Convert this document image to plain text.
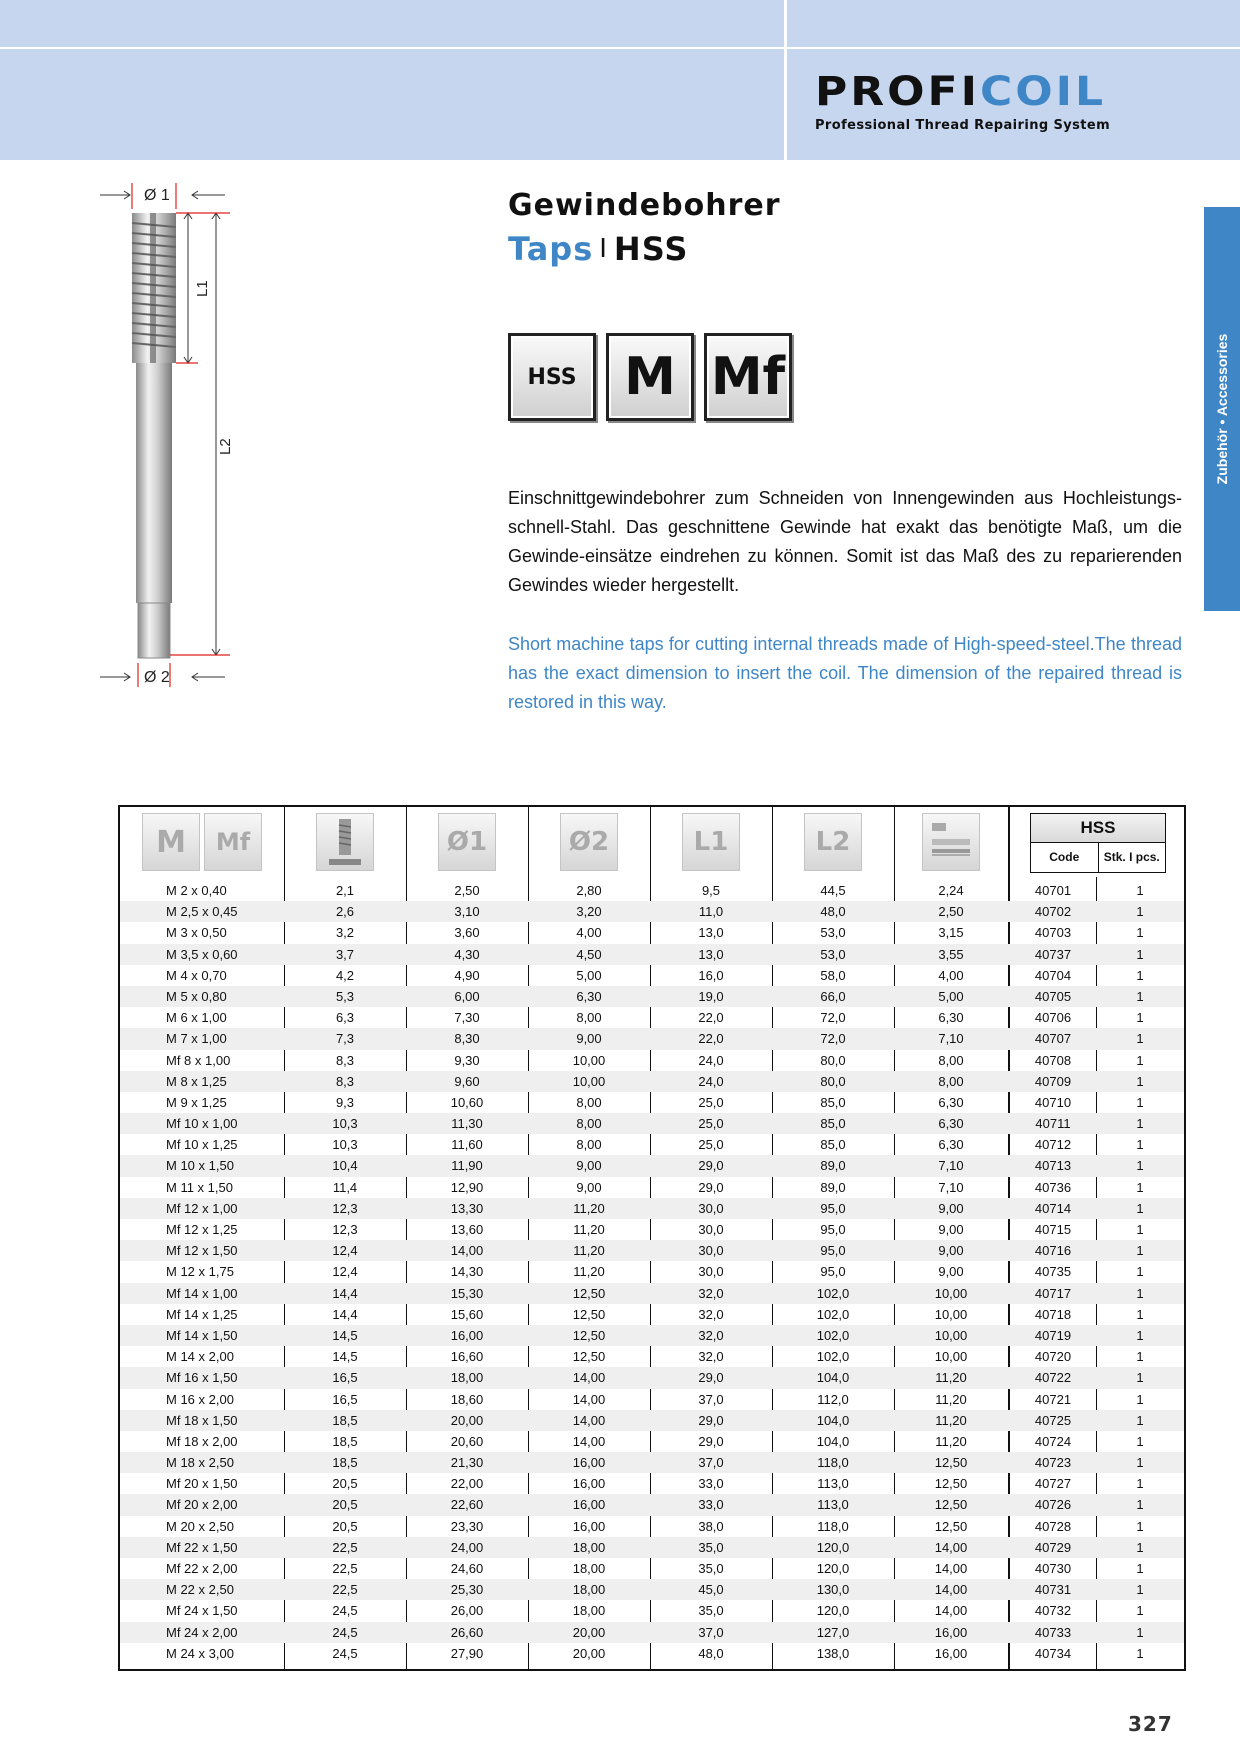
PROFICOIL
Professional Thread Repairing System
Zubehör • Accessories
Ø 1
Ø 2
L1
L2
Gewindebohrer
Taps I HSS
HSS M Mf
Einschnittgewindebohrer zum Schneiden von Innengewinden aus Hochleistungs-schnell-Stahl. Das geschnittene Gewinde hat exakt das benötigte Maß, um die Gewinde-einsätze eindrehen zu können. Somit ist das Maß des zu reparierenden Gewindes wieder hergestellt.
Short machine taps for cutting internal threads made of High-speed-steel.The thread has the exact dimension to insert the coil. The dimension of the repaired thread is restored in this way.
M	Mf	Ø1	Ø2	L1	L2	HSS
Code	Stk. I pcs.
M 2 x 0,40	2,1	2,50	2,80	9,5	44,5	2,24	40701	1
M 2,5 x 0,45	2,6	3,10	3,20	11,0	48,0	2,50	40702	1
M 3 x 0,50	3,2	3,60	4,00	13,0	53,0	3,15	40703	1
M 3,5 x 0,60	3,7	4,30	4,50	13,0	53,0	3,55	40737	1
M 4 x 0,70	4,2	4,90	5,00	16,0	58,0	4,00	40704	1
M 5 x 0,80	5,3	6,00	6,30	19,0	66,0	5,00	40705	1
M 6 x 1,00	6,3	7,30	8,00	22,0	72,0	6,30	40706	1
M 7 x 1,00	7,3	8,30	9,00	22,0	72,0	7,10	40707	1
Mf 8 x 1,00	8,3	9,30	10,00	24,0	80,0	8,00	40708	1
M 8 x 1,25	8,3	9,60	10,00	24,0	80,0	8,00	40709	1
M 9 x 1,25	9,3	10,60	8,00	25,0	85,0	6,30	40710	1
Mf 10 x 1,00	10,3	11,30	8,00	25,0	85,0	6,30	40711	1
Mf 10 x 1,25	10,3	11,60	8,00	25,0	85,0	6,30	40712	1
M 10 x 1,50	10,4	11,90	9,00	29,0	89,0	7,10	40713	1
M 11 x 1,50	11,4	12,90	9,00	29,0	89,0	7,10	40736	1
Mf 12 x 1,00	12,3	13,30	11,20	30,0	95,0	9,00	40714	1
Mf 12 x 1,25	12,3	13,60	11,20	30,0	95,0	9,00	40715	1
Mf 12 x 1,50	12,4	14,00	11,20	30,0	95,0	9,00	40716	1
M 12 x 1,75	12,4	14,30	11,20	30,0	95,0	9,00	40735	1
Mf 14 x 1,00	14,4	15,30	12,50	32,0	102,0	10,00	40717	1
Mf 14 x 1,25	14,4	15,60	12,50	32,0	102,0	10,00	40718	1
Mf 14 x 1,50	14,5	16,00	12,50	32,0	102,0	10,00	40719	1
M 14 x 2,00	14,5	16,60	12,50	32,0	102,0	10,00	40720	1
Mf 16 x 1,50	16,5	18,00	14,00	29,0	104,0	11,20	40722	1
M 16 x 2,00	16,5	18,60	14,00	37,0	112,0	11,20	40721	1
Mf 18 x 1,50	18,5	20,00	14,00	29,0	104,0	11,20	40725	1
Mf 18 x 2,00	18,5	20,60	14,00	29,0	104,0	11,20	40724	1
M 18 x 2,50	18,5	21,30	16,00	37,0	118,0	12,50	40723	1
Mf 20 x 1,50	20,5	22,00	16,00	33,0	113,0	12,50	40727	1
Mf 20 x 2,00	20,5	22,60	16,00	33,0	113,0	12,50	40726	1
M 20 x 2,50	20,5	23,30	16,00	38,0	118,0	12,50	40728	1
Mf 22 x 1,50	22,5	24,00	18,00	35,0	120,0	14,00	40729	1
Mf 22 x 2,00	22,5	24,60	18,00	35,0	120,0	14,00	40730	1
M 22 x 2,50	22,5	25,30	18,00	45,0	130,0	14,00	40731	1
Mf 24 x 1,50	24,5	26,00	18,00	35,0	120,0	14,00	40732	1
Mf 24 x 2,00	24,5	26,60	20,00	37,0	127,0	16,00	40733	1
M 24 x 3,00	24,5	27,90	20,00	48,0	138,0	16,00	40734	1
327
